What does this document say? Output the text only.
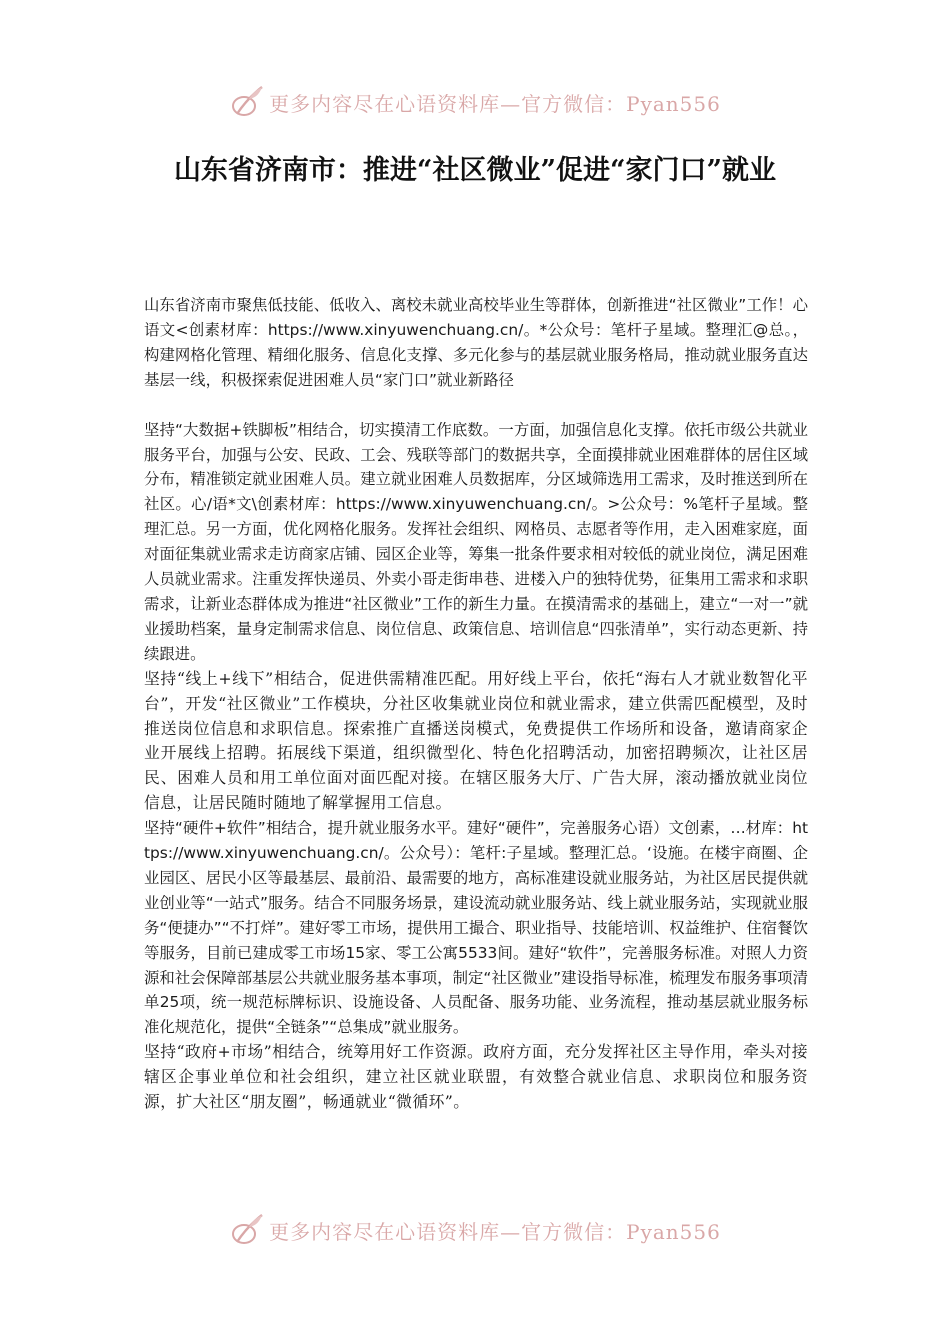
更多内容尽在心语资料库—官方微信：Pyan556
山东省济南市：推进“社区微业”促进“家门口”就业

山东省济南市聚焦低技能、低收入、离校未就业高校毕业生等群体，创新推进“社区微业”工作！心语文<创素材库：https://www.xinyuwenchuang.cn/。*公众号：笔杆子星域。整理汇@总。，构建网格化管理、精细化服务、信息化支撑、多元化参与的基层就业服务格局，推动就业服务直达基层一线，积极探索促进困难人员“家门口”就业新路径

坚持“大数据+铁脚板”相结合，切实摸清工作底数。一方面，加强信息化支撑。依托市级公共就业服务平台，加强与公安、民政、工会、残联等部门的数据共享，全面摸排就业困难群体的居住区域分布，精准锁定就业困难人员。建立就业困难人员数据库，分区域筛选用工需求，及时推送到所在社区。心/语*文\创素材库：https://www.xinyuwenchuang.cn/。>公众号：%笔杆子星域。整理汇总。另一方面，优化网格化服务。发挥社会组织、网格员、志愿者等作用，走入困难家庭，面对面征集就业需求走访商家店铺、园区企业等，筹集一批条件要求相对较低的就业岗位，满足困难人员就业需求。注重发挥快递员、外卖小哥走街串巷、进楼入户的独特优势，征集用工需求和求职需求，让新业态群体成为推进“社区微业”工作的新生力量。在摸清需求的基础上，建立“一对一”就业援助档案，量身定制需求信息、岗位信息、政策信息、培训信息“四张清单”，实行动态更新、持续跟进。

坚持“线上+线下”相结合，促进供需精准匹配。用好线上平台，依托“海右人才就业数智化平台”，开发“社区微业”工作模块，分社区收集就业岗位和就业需求，建立供需匹配模型，及时推送岗位信息和求职信息。探索推广直播送岗模式，免费提供工作场所和设备，邀请商家企业开展线上招聘。拓展线下渠道，组织微型化、特色化招聘活动，加密招聘频次，让社区居民、困难人员和用工单位面对面匹配对接。在辖区服务大厅、广告大屏，滚动播放就业岗位信息，让居民随时随地了解掌握用工信息。

坚持“硬件+软件”相结合，提升就业服务水平。建好“硬件”，完善服务心语）文创素，…材库：https://www.xinyuwenchuang.cn/。公众号）：笔杆:子星域。整理汇总。‘设施。在楼宇商圈、企业园区、居民小区等最基层、最前沿、最需要的地方，高标准建设就业服务站，为社区居民提供就业创业等“一站式”服务。结合不同服务场景，建设流动就业服务站、线上就业服务站，实现就业服务“便捷办”“不打烊”。建好零工市场，提供用工撮合、职业指导、技能培训、权益维护、住宿餐饮等服务，目前已建成零工市场15家、零工公寓5533间。建好“软件”，完善服务标准。对照人力资源和社会保障部基层公共就业服务基本事项，制定“社区微业”建设指导标准，梳理发布服务事项清单25项，统一规范标牌标识、设施设备、人员配备、服务功能、业务流程，推动基层就业服务标准化规范化，提供“全链条”“总集成”就业服务。

坚持“政府+市场”相结合，统筹用好工作资源。政府方面，充分发挥社区主导作用，牵头对接辖区企事业单位和社会组织，建立社区就业联盟，有效整合就业信息、求职岗位和服务资源，扩大社区“朋友圈”，畅通就业“微循环”。

更多内容尽在心语资料库—官方微信：Pyan556
